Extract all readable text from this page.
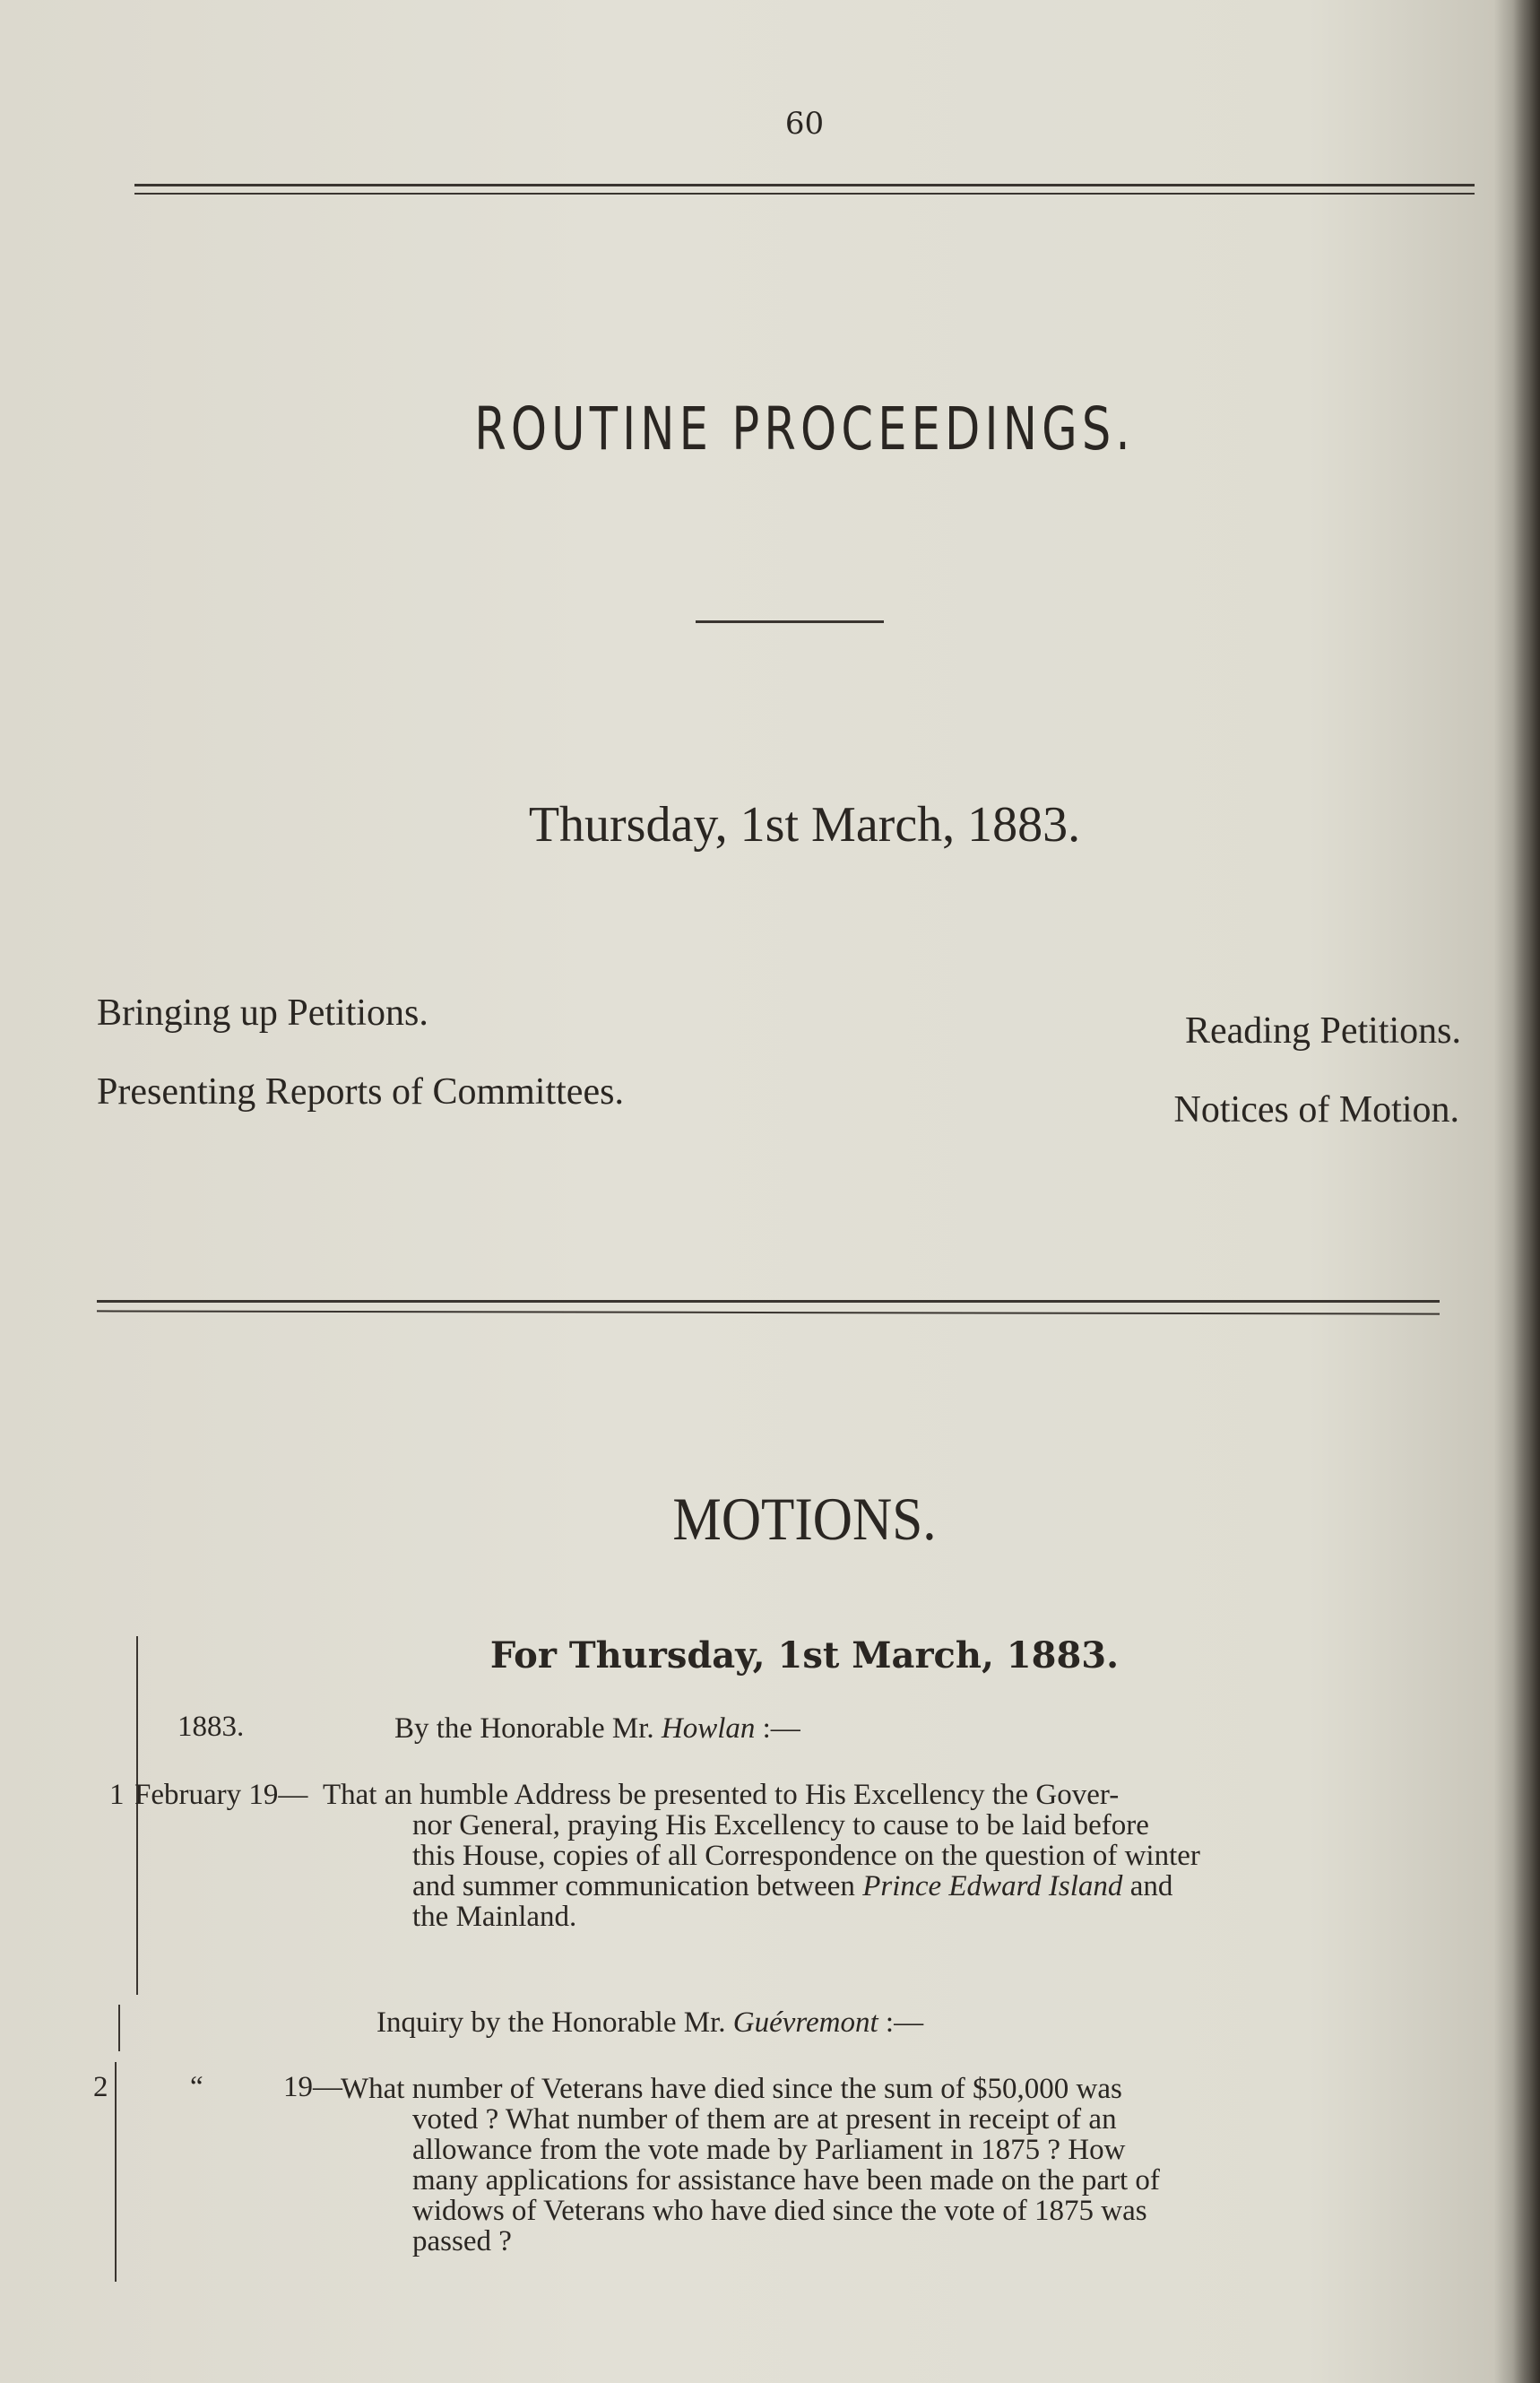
60
ROUTINE PROCEEDINGS.
Thursday, 1st March, 1883.
Bringing up Petitions.
Presenting Reports of Committees.
Reading Petitions.
Notices of Motion.
MOTIONS.
For Thursday, 1st March, 1883.
1883.	By the Honorable Mr. Howlan :—
1 February 19— That an humble Address be presented to His Excellency the Gover-
nor General, praying His Excellency to cause to be laid before
this House, copies of all Correspondence on the question of winter
and summer communication between Prince Edward Island and
the Mainland.
Inquiry by the Honorable Mr. Guévremont :—
2	“	19—
What number of Veterans have died since the sum of $50,000 was
voted ? What number of them are at present in receipt of an
allowance from the vote made by Parliament in 1875 ? How
many applications for assistance have been made on the part of
widows of Veterans who have died since the vote of 1875 was
passed ?
